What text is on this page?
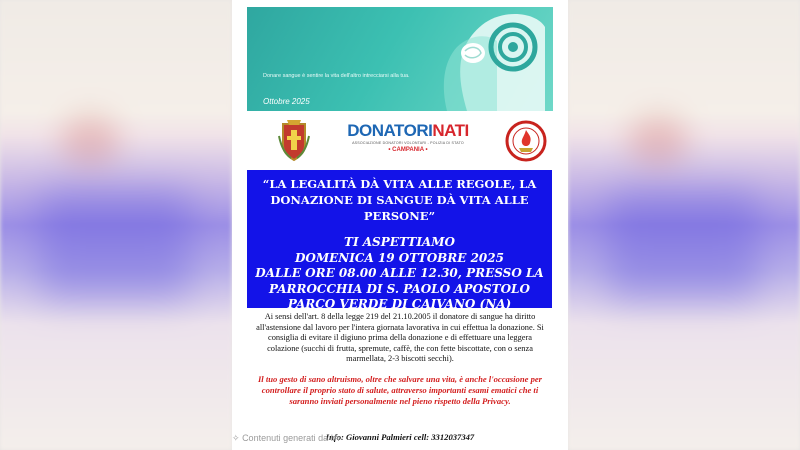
Donare sangue è sentire la vita dell'altro intrecciarsi alla tua.
Ottobre 2025
DONATORINATI
ASSOCIAZIONE DONATORI VOLONTARI - POLIZIA DI STATO
• CAMPANIA •
“LA LEGALITÀ DÀ VITA ALLE REGOLE, LA DONAZIONE DI SANGUE DÀ VITA ALLE PERSONE”
TI ASPETTIAMO
DOMENICA 19 OTTOBRE 2025
DALLE ORE 08.00 ALLE 12.30, PRESSO LA
PARROCCHIA DI S. PAOLO APOSTOLO
PARCO VERDE DI CAIVANO (NA)
Ai sensi dell'art. 8 della legge 219 del 21.10.2005 il donatore di sangue ha diritto all'astensione dal lavoro per l'intera giornata lavorativa in cui effettua la donazione. Si consiglia di evitare il digiuno prima della donazione e di effettuare una leggera colazione (succhi di frutta, spremute, caffè, the con fette biscottate, con o senza marmellata, 2-3 biscotti secchi).
Il tuo gesto di sano altruismo, oltre che salvare una vita, è anche l'occasione per controllare il proprio stato di salute, attraverso importanti esami ematici che ti saranno inviati personalmente nel pieno rispetto della Privacy.
Info: Giovanni Palmieri cell: 3312037347
✧ Contenuti generati da IA
